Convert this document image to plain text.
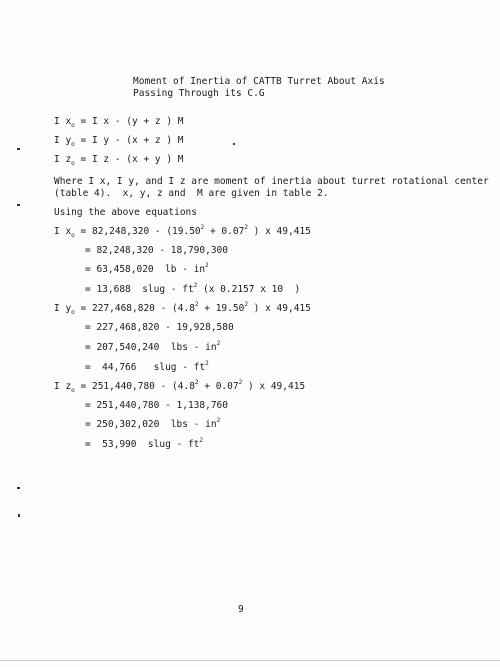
Moment of Inertia of CATTB Turret About Axis
Passing Through its C.G
I $x_o = I$ x - (y + z ) M
I $y_o = I$ y - (x + z ) M
I $z_o = I$ z - (x + y ) M
Where I x, I y, and I z are moment of inertia about turret rotational center
(table 4).  x, y, z and  M are given in table 2.
Using the above equations
I $x_o = 82,248,320 - (19.50^2 + 0.07^2$ ) x 49,415
= 82,248,320 - 18,790,300
= 63,458,020  lb - $in^2$
= 13,688  slug - $ft^2$ (x 0.2157 x 10  )
I $y_o = 227,468,820 - (4.8^2 + 19.50^2$ ) x 49,415
= 227,468,820 - 19,928,580
= 207,540,240  lbs - $in^2$
=  44,766   slug - $ft^2$
I $z_o = 251,440,780 - (4.8^2 + 0.07^2$ ) x 49,415
= 251,440,780 - 1,138,760
= 250,302,020  lbs - $in^2$
=  53,990  slug - $ft^2$
9
